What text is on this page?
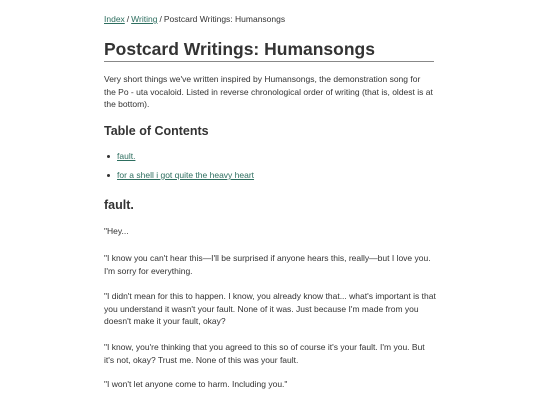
Index / Writing / Postcard Writings: Humansongs
Postcard Writings: Humansongs

Very short things we've written inspired by Humansongs, the demonstration song for the Po - uta vocaloid. Listed in reverse chronological order of writing (that is, oldest is at the bottom).

Table of Contents
fault.
for a shell i got quite the heavy heart
fault.

"Hey...

"I know you can't hear this—I'll be surprised if anyone hears this, really—but I love you. I'm sorry for everything.

"I didn't mean for this to happen. I know, you already know that... what's important is that you understand it wasn't your fault. None of it was. Just because I'm made from you doesn't make it your fault, okay?

"I know, you're thinking that you agreed to this so of course it's your fault. I'm you. But it's not, okay? Trust me. None of this was your fault.

"I won't let anyone come to harm. Including you."
